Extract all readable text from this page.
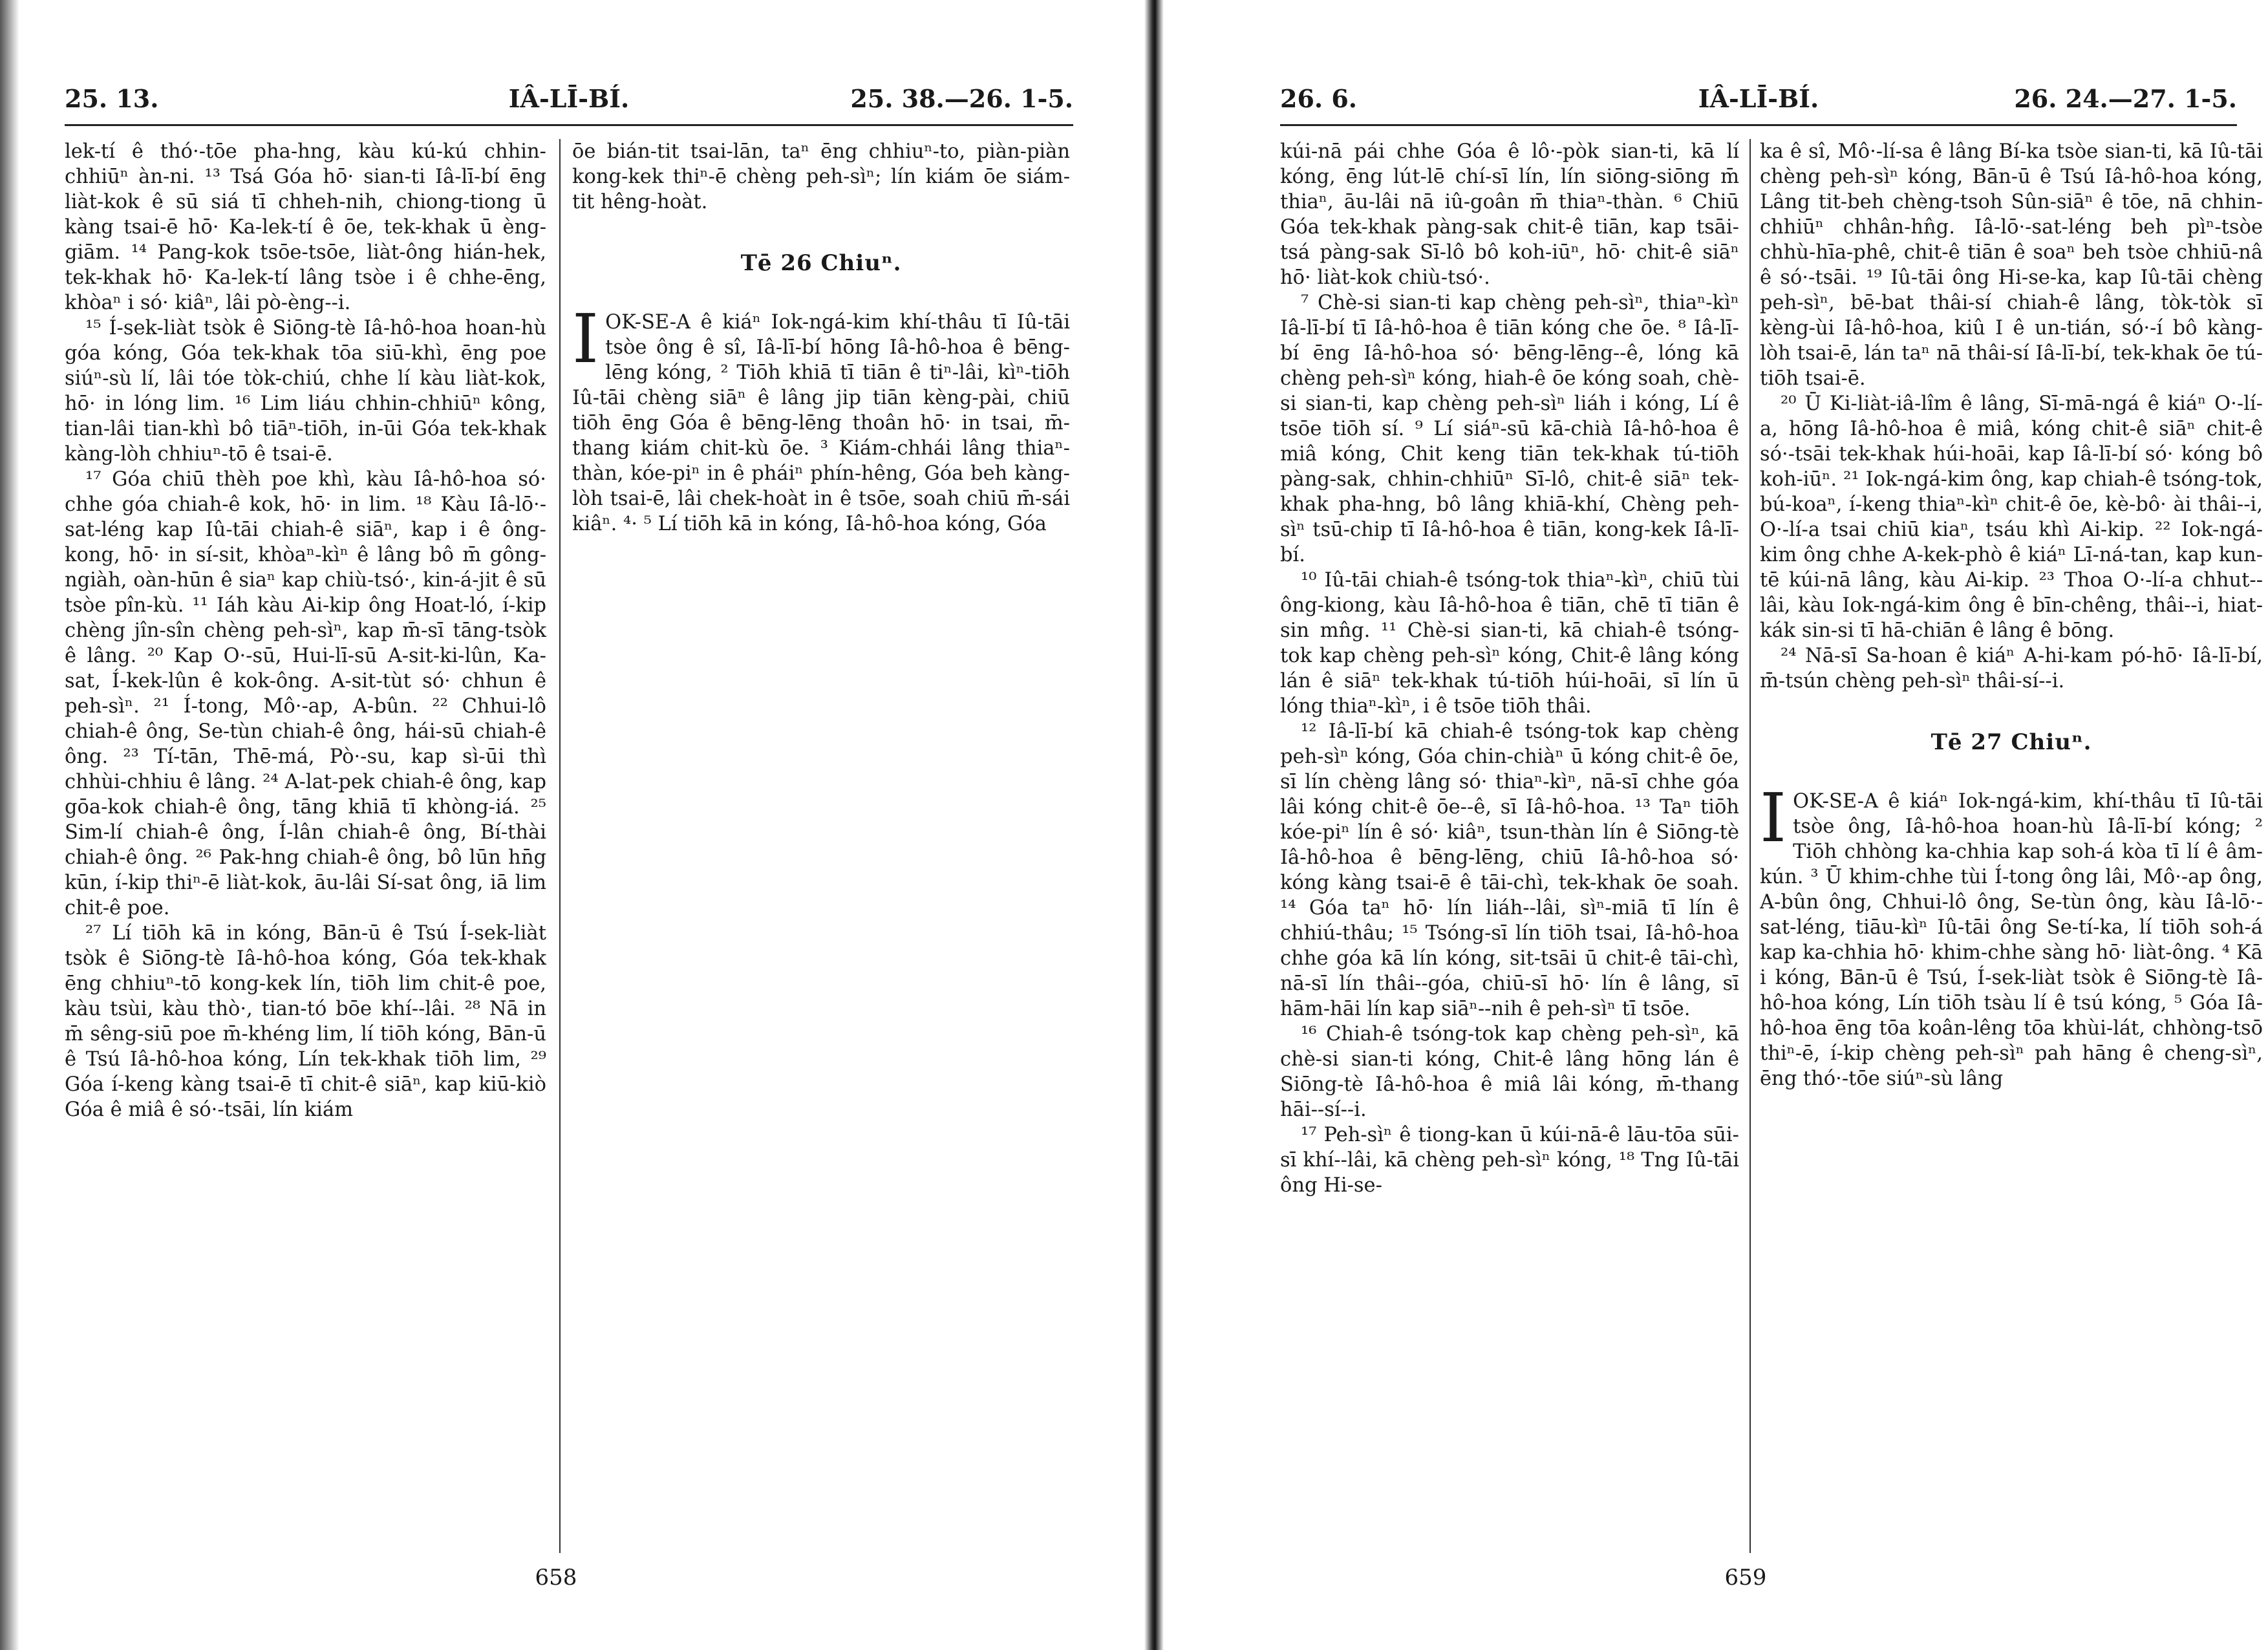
25. 13.	IÂ-LĪ-BÍ.	25. 38.—26. 1-5.

lek-tí ê thó·-tōe pha-hng, kàu kú-kú chhin-chhiūⁿ àn-ni. ¹³ Tsá Góa hō· sian-ti Iâ-lī-bí ēng liàt-kok ê sū siá tī chheh-nih, chiong-tiong ū kàng tsai-ē hō· Ka-lek-tí ê ōe, tek-khak ū èng-giām. ¹⁴ Pang-kok tsōe-tsōe, liàt-ông hián-hek, tek-khak hō· Ka-lek-tí lâng tsòe i ê chhe-ēng, khòaⁿ i só· kiâⁿ, lâi pò-èng--i.

¹⁵ Í-sek-liàt tsòk ê Siōng-tè Iâ-hô-hoa hoan-hù góa kóng, Góa tek-khak tōa siū-khì, ēng poe siúⁿ-sù lí, lâi tóe tòk-chiú, chhe lí kàu liàt-kok, hō· in lóng lim. ¹⁶ Lim liáu chhin-chhiūⁿ kông, tian-lâi tian-khì bô tiāⁿ-tiōh, in-ūi Góa tek-khak kàng-lòh chhiuⁿ-tō ê tsai-ē.

¹⁷ Góa chiū thèh poe khì, kàu Iâ-hô-hoa só· chhe góa chiah-ê kok, hō· in lim. ¹⁸ Kàu Iâ-lō·-sat-léng kap Iû-tāi chiah-ê siāⁿ, kap i ê ông-kong, hō· in sí-sit, khòaⁿ-kìⁿ ê lâng bô m̄ gông-ngiàh, oàn-hūn ê siaⁿ kap chiù-tsó·, kin-á-jit ê sū tsòe pîn-kù. ¹¹ Iáh kàu Ai-kip ông Hoat-ló, í-kip chèng jîn-sîn chèng peh-sìⁿ, kap m̄-sī tāng-tsòk ê lâng. ²⁰ Kap O·-sū, Hui-lī-sū A-sit-ki-lûn, Ka-sat, Í-kek-lûn ê kok-ông. A-sit-tùt só· chhun ê peh-sìⁿ. ²¹ Í-tong, Mô·-ap, A-bûn. ²² Chhui-lô chiah-ê ông, Se-tùn chiah-ê ông, hái-sū chiah-ê ông. ²³ Tí-tān, Thē-má, Pò·-su, kap sì-ūi thì chhùi-chhiu ê lâng. ²⁴ A-lat-pek chiah-ê ông, kap gōa-kok chiah-ê ông, tāng khiā tī khòng-iá. ²⁵ Sim-lí chiah-ê ông, Í-lân chiah-ê ông, Bí-thài chiah-ê ông. ²⁶ Pak-hng chiah-ê ông, bô lūn hn̄g kūn, í-kip thiⁿ-ē liàt-kok, āu-lâi Sí-sat ông, iā lim chit-ê poe.

²⁷ Lí tiōh kā in kóng, Bān-ū ê Tsú Í-sek-liàt tsòk ê Siōng-tè Iâ-hô-hoa kóng, Góa tek-khak ēng chhiuⁿ-tō kong-kek lín, tiōh lim chit-ê poe, kàu tsùi, kàu thò·, tian-tó bōe khí--lâi. ²⁸ Nā in m̄ sêng-siū poe m̄-khéng lim, lí tiōh kóng, Bān-ū ê Tsú Iâ-hô-hoa kóng, Lín tek-khak tiōh lim, ²⁹ Góa í-keng kàng tsai-ē tī chit-ê siāⁿ, kap kiū-kiò Góa ê miâ ê só·-tsāi, lín kiám

ōe bián-tit tsai-lān, taⁿ ēng chhiuⁿ-to, piàn-piàn kong-kek thiⁿ-ē chèng peh-sìⁿ; lín kiám ōe siám-tit hêng-hoàt.

Tē 26 Chiuⁿ.

I OK-SE-A ê kiáⁿ Iok-ngá-kim khí-thâu tī Iû-tāi tsòe ông ê sî, Iâ-lī-bí hōng Iâ-hô-hoa ê bēng-lēng kóng, ² Tiōh khiā tī tiān ê tiⁿ-lâi, kìⁿ-tiōh Iû-tāi chèng siāⁿ ê lâng jip tiān kèng-pài, chiū tiōh ēng Góa ê bēng-lēng thoân hō· in tsai, m̄-thang kiám chit-kù ōe. ³ Kiám-chhái lâng thiaⁿ-thàn, kóe-piⁿ in ê pháiⁿ phín-hêng, Góa beh kàng-lòh tsai-ē, lâi chek-hoàt in ê tsōe, soah chiū m̄-sái kiâⁿ. ⁴· ⁵ Lí tiōh kā in kóng, Iâ-hô-hoa kóng, Góa

658
26. 6.	IÂ-LĪ-BÍ.	26. 24.—27. 1-5.

kúi-nā pái chhe Góa ê lô·-pòk sian-ti, kā lí kóng, ēng lút-lē chí-sī lín, lín siōng-siōng m̄ thiaⁿ, āu-lâi nā iû-goân m̄ thiaⁿ-thàn. ⁶ Chiū Góa tek-khak pàng-sak chit-ê tiān, kap tsāi-tsá pàng-sak Sī-lô bô koh-iūⁿ, hō· chit-ê siāⁿ hō· liàt-kok chiù-tsó·.

⁷ Chè-si sian-ti kap chèng peh-sìⁿ, thiaⁿ-kìⁿ Iâ-lī-bí tī Iâ-hô-hoa ê tiān kóng che ōe. ⁸ Iâ-lī-bí ēng Iâ-hô-hoa só· bēng-lēng--ê, lóng kā chèng peh-sìⁿ kóng, hiah-ê ōe kóng soah, chè-si sian-ti, kap chèng peh-sìⁿ liáh i kóng, Lí ê tsōe tiōh sí. ⁹ Lí siáⁿ-sū kā-chià Iâ-hô-hoa ê miâ kóng, Chit keng tiān tek-khak tú-tiōh pàng-sak, chhin-chhiūⁿ Sī-lô, chit-ê siāⁿ tek-khak pha-hng, bô lâng khiā-khí, Chèng peh-sìⁿ tsū-chip tī Iâ-hô-hoa ê tiān, kong-kek Iâ-lī-bí.

¹⁰ Iû-tāi chiah-ê tsóng-tok thiaⁿ-kìⁿ, chiū tùi ông-kiong, kàu Iâ-hô-hoa ê tiān, chē tī tiān ê sin mn̂g. ¹¹ Chè-si sian-ti, kā chiah-ê tsóng-tok kap chèng peh-sìⁿ kóng, Chit-ê lâng kóng lán ê siāⁿ tek-khak tú-tiōh húi-hoāi, sī lín ū lóng thiaⁿ-kìⁿ, i ê tsōe tiōh thâi.

¹² Iâ-lī-bí kā chiah-ê tsóng-tok kap chèng peh-sìⁿ kóng, Góa chin-chiàⁿ ū kóng chit-ê ōe, sī lín chèng lâng só· thiaⁿ-kìⁿ, nā-sī chhe góa lâi kóng chit-ê ōe--ê, sī Iâ-hô-hoa. ¹³ Taⁿ tiōh kóe-piⁿ lín ê só· kiâⁿ, tsun-thàn lín ê Siōng-tè Iâ-hô-hoa ê bēng-lēng, chiū Iâ-hô-hoa só· kóng kàng tsai-ē ê tāi-chì, tek-khak ōe soah. ¹⁴ Góa taⁿ hō· lín liáh--lâi, sìⁿ-miā tī lín ê chhiú-thâu; ¹⁵ Tsóng-sī lín tiōh tsai, Iâ-hô-hoa chhe góa kā lín kóng, sit-tsāi ū chit-ê tāi-chì, nā-sī lín thâi--góa, chiū-sī hō· lín ê lâng, sī hām-hāi lín kap siāⁿ--nih ê peh-sìⁿ tī tsōe.

¹⁶ Chiah-ê tsóng-tok kap chèng peh-sìⁿ, kā chè-si sian-ti kóng, Chit-ê lâng hōng lán ê Siōng-tè Iâ-hô-hoa ê miâ lâi kóng, m̄-thang hāi--sí--i.

¹⁷ Peh-sìⁿ ê tiong-kan ū kúi-nā-ê lāu-tōa sūi-sī khí--lâi, kā chèng peh-sìⁿ kóng, ¹⁸ Tng Iû-tāi ông Hi-se-

ka ê sî, Mô·-lí-sa ê lâng Bí-ka tsòe sian-ti, kā Iû-tāi chèng peh-sìⁿ kóng, Bān-ū ê Tsú Iâ-hô-hoa kóng, Lâng tit-beh chèng-tsoh Sûn-siāⁿ ê tōe, nā chhin-chhiūⁿ chhân-hn̂g. Iâ-lō·-sat-léng beh pìⁿ-tsòe chhù-hīa-phê, chit-ê tiān ê soaⁿ beh tsòe chhiū-nâ ê só·-tsāi. ¹⁹ Iû-tāi ông Hi-se-ka, kap Iû-tāi chèng peh-sìⁿ, bē-bat thâi-sí chiah-ê lâng, tòk-tòk sī kèng-ùi Iâ-hô-hoa, kiû I ê un-tián, só·-í bô kàng-lòh tsai-ē, lán taⁿ nā thâi-sí Iâ-lī-bí, tek-khak ōe tú-tiōh tsai-ē.

²⁰ Ū Ki-liàt-iâ-lîm ê lâng, Sī-mā-ngá ê kiáⁿ O·-lí-a, hōng Iâ-hô-hoa ê miâ, kóng chit-ê siāⁿ chit-ê só·-tsāi tek-khak húi-hoāi, kap Iâ-lī-bí só· kóng bô koh-iūⁿ. ²¹ Iok-ngá-kim ông, kap chiah-ê tsóng-tok, bú-koaⁿ, í-keng thiaⁿ-kìⁿ chit-ê ōe, kè-bô· ài thâi--i, O·-lí-a tsai chiū kiaⁿ, tsáu khì Ai-kip. ²² Iok-ngá-kim ông chhe A-kek-phò ê kiáⁿ Lī-ná-tan, kap kun-tē kúi-nā lâng, kàu Ai-kip. ²³ Thoa O·-lí-a chhut--lâi, kàu Iok-ngá-kim ông ê bīn-chêng, thâi--i, hiat-kák sin-si tī hā-chiān ê lâng ê bōng.

²⁴ Nā-sī Sa-hoan ê kiáⁿ A-hi-kam pó-hō· Iâ-lī-bí, m̄-tsún chèng peh-sìⁿ thâi-sí--i.

Tē 27 Chiuⁿ.

I OK-SE-A ê kiáⁿ Iok-ngá-kim, khí-thâu tī Iû-tāi tsòe ông, Iâ-hô-hoa hoan-hù Iâ-lī-bí kóng; ² Tiōh chhòng ka-chhia kap soh-á kòa tī lí ê âm-kún. ³ Ū khim-chhe tùi Í-tong ông lâi, Mô·-ap ông, A-bûn ông, Chhui-lô ông, Se-tùn ông, kàu Iâ-lō·-sat-léng, tiāu-kìⁿ Iû-tāi ông Se-tí-ka, lí tiōh soh-á kap ka-chhia hō· khim-chhe sàng hō· liàt-ông. ⁴ Kā i kóng, Bān-ū ê Tsú, Í-sek-liàt tsòk ê Siōng-tè Iâ-hô-hoa kóng, Lín tiōh tsàu lí ê tsú kóng, ⁵ Góa Iâ-hô-hoa ēng tōa koân-lêng tōa khùi-lát, chhòng-tsō thiⁿ-ē, í-kip chèng peh-sìⁿ pah hāng ê cheng-sìⁿ, ēng thó·-tōe siúⁿ-sù lâng

659
